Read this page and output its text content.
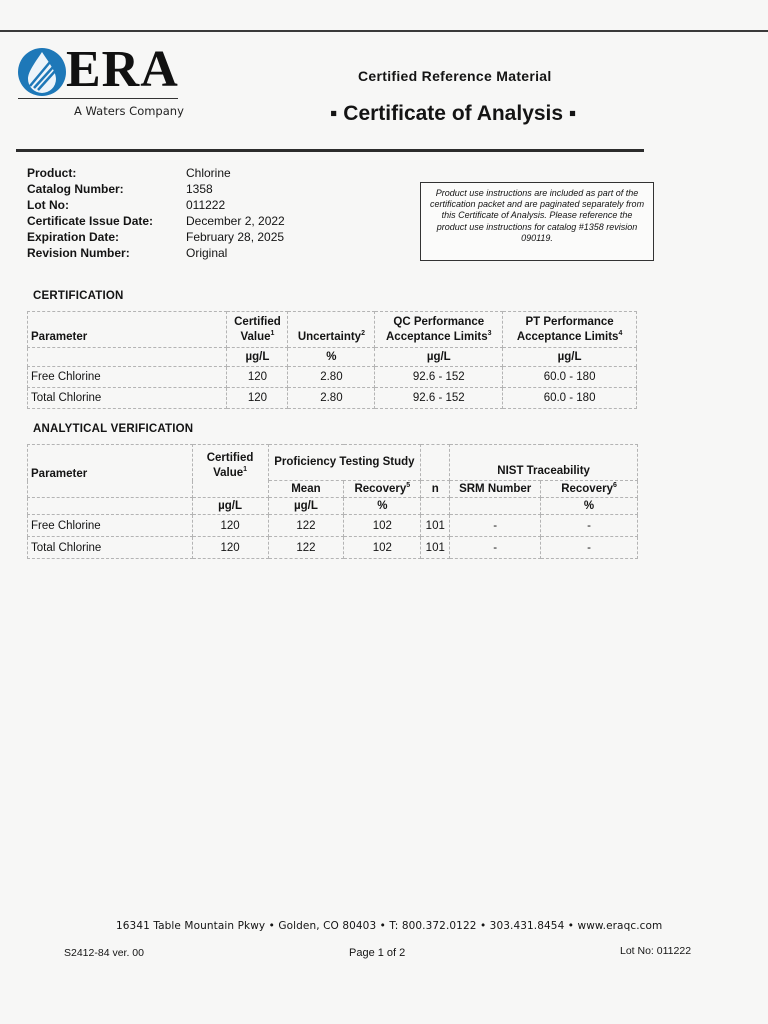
ERA
A Waters Company
Certified Reference Material
▪ Certificate of Analysis ▪
Product:	Chlorine
Catalog Number:	1358
Lot No:	011222
Certificate Issue Date:	December 2, 2022
Expiration Date:	February 28, 2025
Revision Number:	Original
Product use instructions are included as part of the certification packet and are paginated separately from this Certificate of Analysis. Please reference the product use instructions for catalog #1358 revision 090119.
CERTIFICATION
Parameter	Certified Value$^1$	Uncertainty$^2$	QC Performance Acceptance Limits$^3$	PT Performance Acceptance Limits$^4$
	µg/L	%	µg/L	µg/L
Free Chlorine	120	2.80	92.6 - 152	60.0 - 180
Total Chlorine	120	2.80	92.6 - 152	60.0 - 180
ANALYTICAL VERIFICATION
Parameter	Certified Value$^1$	Proficiency Testing Study			NIST Traceability	
		Mean	Recovery$^5$	n	SRM Number	Recovery$^6$
	µg/L	µg/L	%			%
Free Chlorine	120	122	102	101	-	-
Total Chlorine	120	122	102	101	-	-
16341 Table Mountain Pkwy • Golden, CO 80403 • T: 800.372.0122 • 303.431.8454 • www.eraqc.com
S2412-84 ver. 00	Page 1 of 2	Lot No: 011222
